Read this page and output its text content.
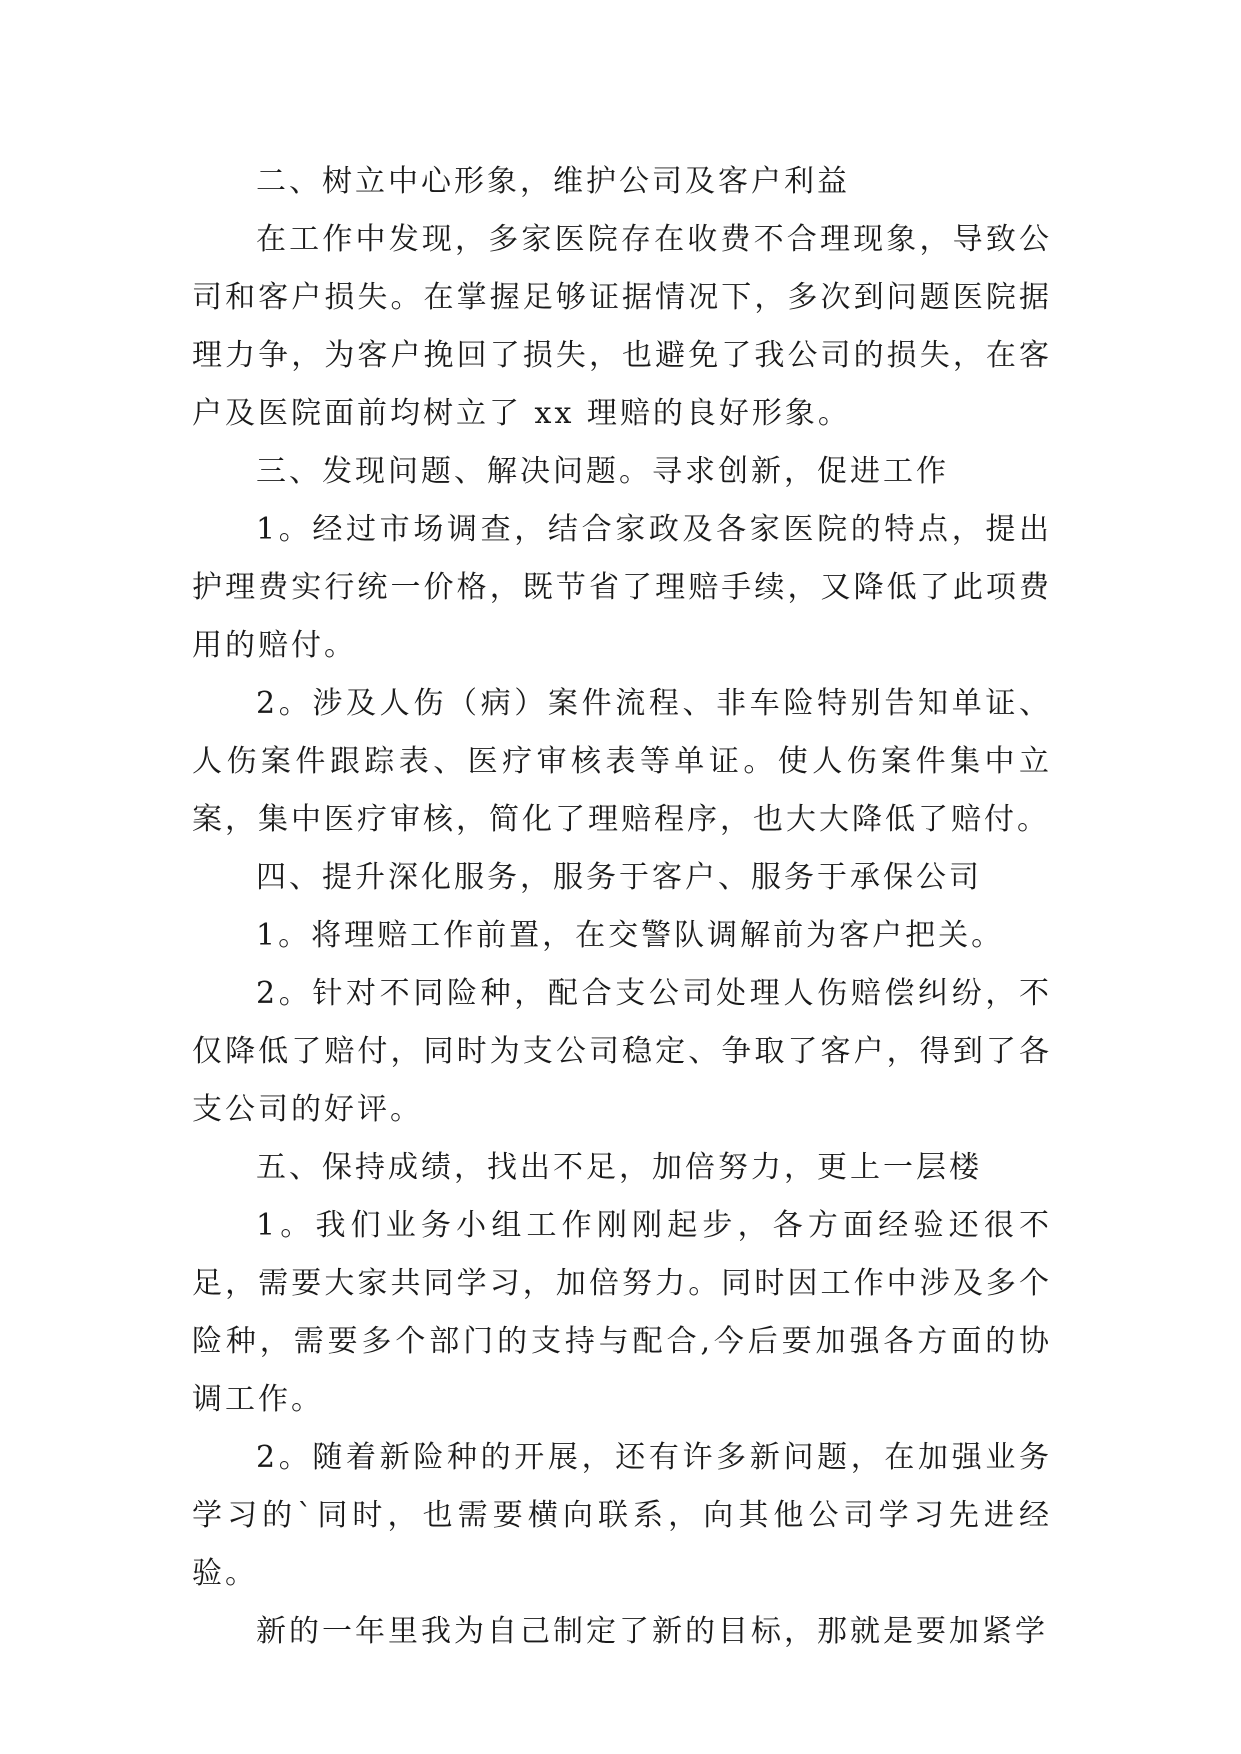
二、树立中心形象，维护公司及客户利益

在工作中发现，多家医院存在收费不合理现象，导致公司和客户损失。在掌握足够证据情况下，多次到问题医院据理力争，为客户挽回了损失，也避免了我公司的损失，在客户及医院面前均树立了 xx 理赔的良好形象。

三、发现问题、解决问题。寻求创新，促进工作

1。经过市场调查，结合家政及各家医院的特点，提出护理费实行统一价格，既节省了理赔手续，又降低了此项费用的赔付。

2。涉及人伤（病）案件流程、非车险特别告知单证、人伤案件跟踪表、医疗审核表等单证。使人伤案件集中立案，集中医疗审核，简化了理赔程序，也大大降低了赔付。

四、提升深化服务，服务于客户、服务于承保公司

1。将理赔工作前置，在交警队调解前为客户把关。

2。针对不同险种，配合支公司处理人伤赔偿纠纷，不仅降低了赔付，同时为支公司稳定、争取了客户，得到了各支公司的好评。

五、保持成绩，找出不足，加倍努力，更上一层楼

1。我们业务小组工作刚刚起步，各方面经验还很不足，需要大家共同学习，加倍努力。同时因工作中涉及多个险种，需要多个部门的支持与配合,今后要加强各方面的协调工作。

2。随着新险种的开展，还有许多新问题，在加强业务学习的`同时，也需要横向联系，向其他公司学习先进经验。

新的一年里我为自己制定了新的目标，那就是要加紧学
